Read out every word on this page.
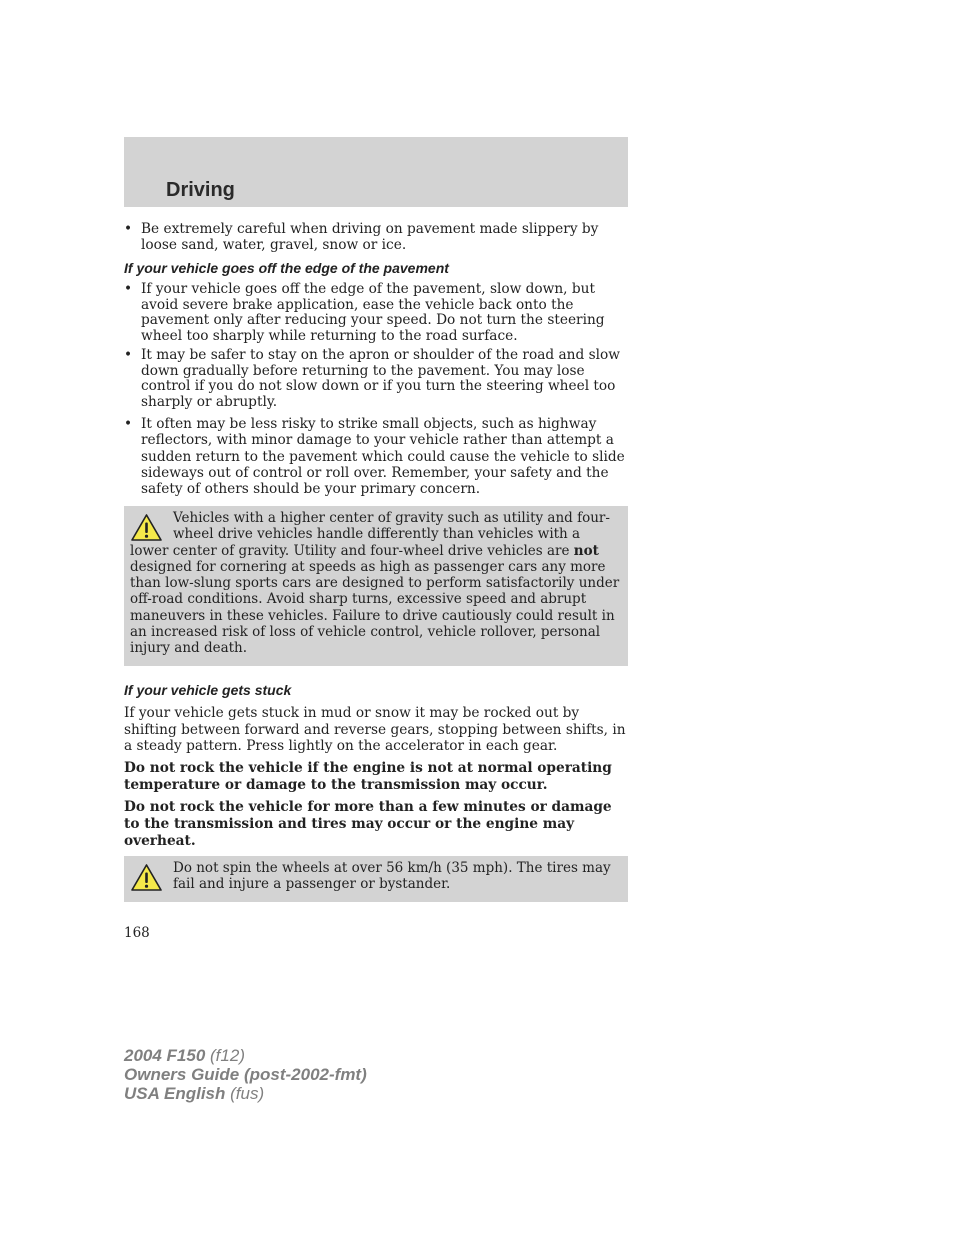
Driving
• Be extremely careful when driving on pavement made slippery by loose sand, water, gravel, snow or ice.

If your vehicle goes off the edge of the pavement
• If your vehicle goes off the edge of the pavement, slow down, but avoid severe brake application, ease the vehicle back onto the pavement only after reducing your speed. Do not turn the steering wheel too sharply while returning to the road surface.

• It may be safer to stay on the apron or shoulder of the road and slow down gradually before returning to the pavement. You may lose control if you do not slow down or if you turn the steering wheel too sharply or abruptly.

• It often may be less risky to strike small objects, such as highway reflectors, with minor damage to your vehicle rather than attempt a sudden return to the pavement which could cause the vehicle to slide sideways out of control or roll over. Remember, your safety and the safety of others should be your primary concern.

Vehicles with a higher center of gravity such as utility and four-wheel drive vehicles handle differently than vehicles with a lower center of gravity. Utility and four-wheel drive vehicles are not designed for cornering at speeds as high as passenger cars any more than low-slung sports cars are designed to perform satisfactorily under off-road conditions. Avoid sharp turns, excessive speed and abrupt maneuvers in these vehicles. Failure to drive cautiously could result in an increased risk of loss of vehicle control, vehicle rollover, personal injury and death.
If your vehicle gets stuck

If your vehicle gets stuck in mud or snow it may be rocked out by shifting between forward and reverse gears, stopping between shifts, in a steady pattern. Press lightly on the accelerator in each gear.

Do not rock the vehicle if the engine is not at normal operating temperature or damage to the transmission may occur.

Do not rock the vehicle for more than a few minutes or damage to the transmission and tires may occur or the engine may overheat.

Do not spin the wheels at over 56 km/h (35 mph). The tires may fail and injure a passenger or bystander.
168
2004 F150 (f12)
Owners Guide (post-2002-fmt)
USA English (fus)
